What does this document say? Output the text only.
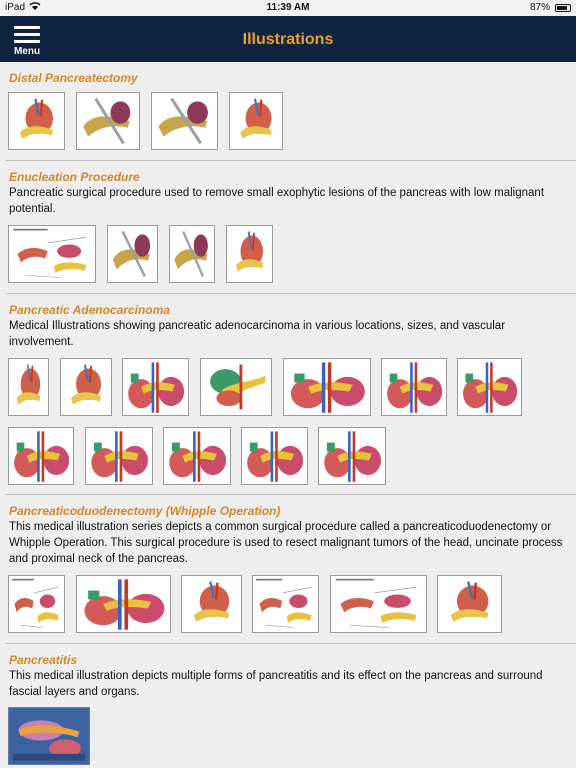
iPad	11:39 AM	87%
Menu
Illustrations
Distal Pancreatectomy
Enucleation Procedure
Pancreatic surgical procedure used to remove small exophytic lesions of the pancreas with low malignant potential.
Pancreatic Adenocarcinoma
Medical Illustrations showing pancreatic adenocarcinoma in various locations, sizes, and vascular involvement.
Pancreaticoduodenectomy (Whipple Operation)
This medical illustration series depicts a common surgical procedure called a pancreaticoduodenectomy or Whipple Operation. This surgical procedure is used to resect malignant tumors of the head, uncinate process and proximal neck of the pancreas.
Pancreatitis
This medical illustration depicts multiple forms of pancreatitis and its effect on the pancreas and surround fascial layers and organs.
